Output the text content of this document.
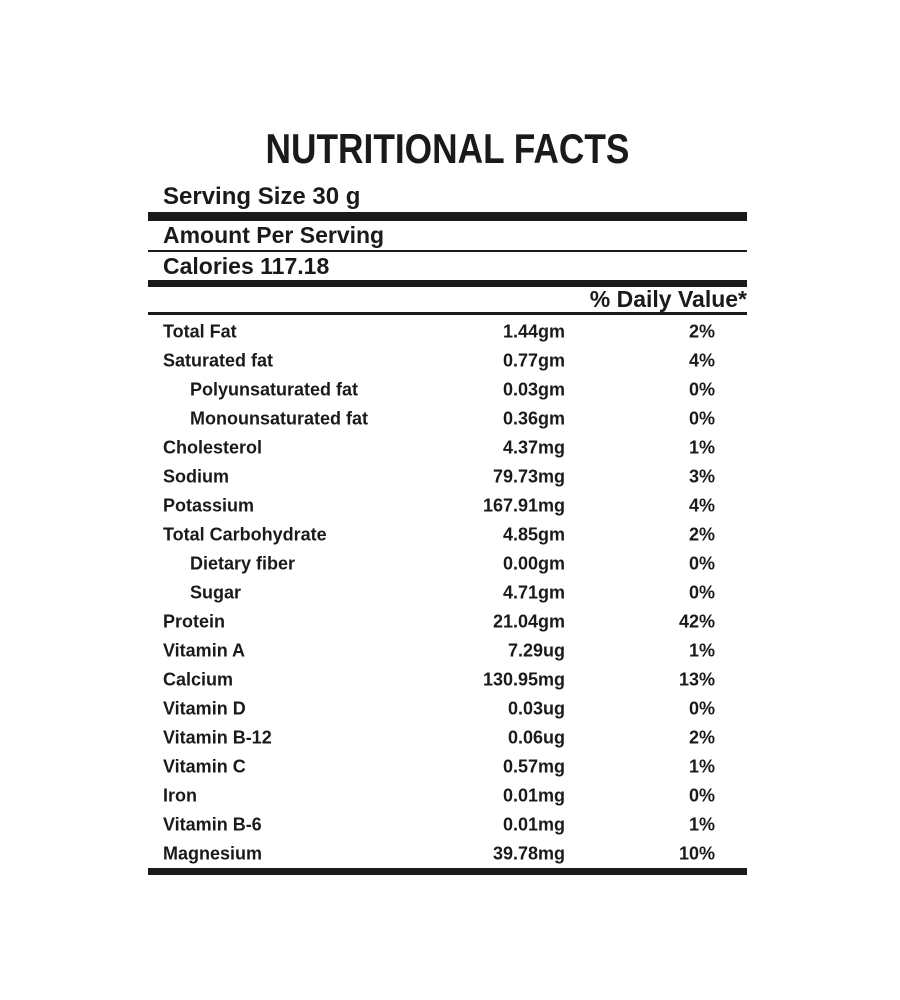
NUTRITIONAL FACTS
Serving Size 30 g
Amount Per Serving
Calories 117.18
% Daily Value*
Total Fat	1.44gm	2%
Saturated fat	0.77gm	4%
Polyunsaturated fat	0.03gm	0%
Monounsaturated fat	0.36gm	0%
Cholesterol	4.37mg	1%
Sodium	79.73mg	3%
Potassium	167.91mg	4%
Total Carbohydrate	4.85gm	2%
Dietary fiber	0.00gm	0%
Sugar	4.71gm	0%
Protein	21.04gm	42%
Vitamin A	7.29ug	1%
Calcium	130.95mg	13%
Vitamin D	0.03ug	0%
Vitamin B-12	0.06ug	2%
Vitamin C	0.57mg	1%
Iron	0.01mg	0%
Vitamin B-6	0.01mg	1%
Magnesium	39.78mg	10%
